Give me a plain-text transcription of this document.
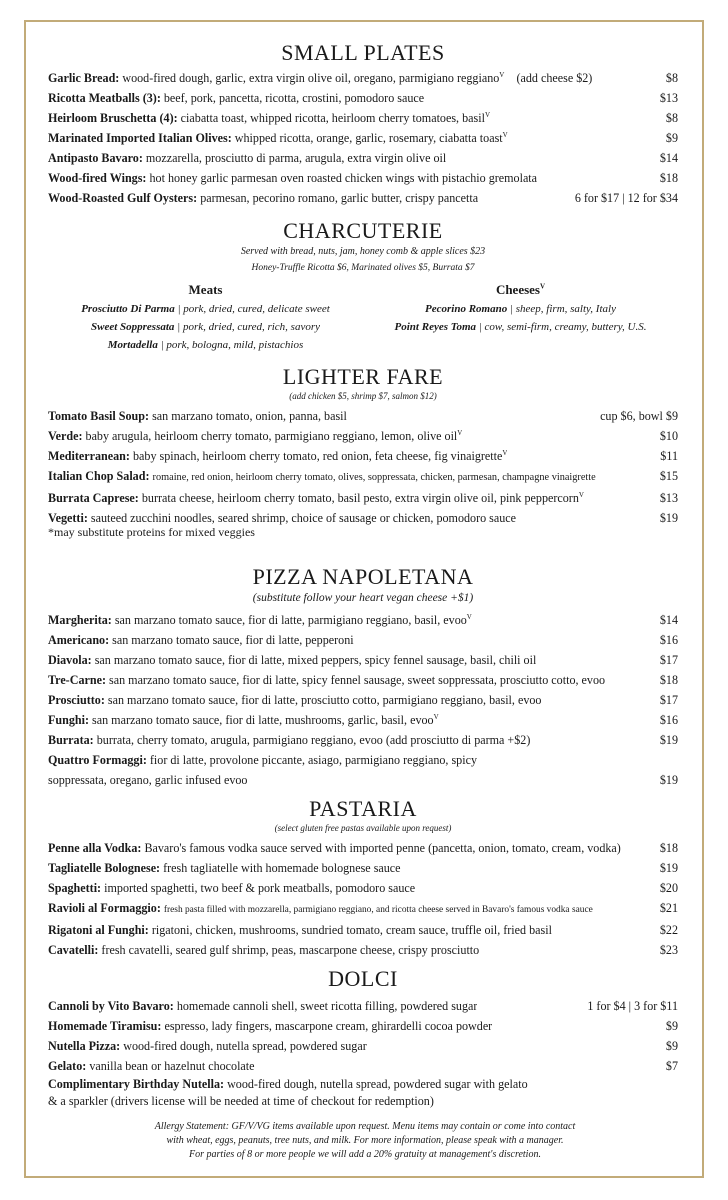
SMALL PLATES
Garlic Bread: wood-fired dough, garlic, extra virgin olive oil, oregano, parmigiano reggiano$^V$ (add cheese $2)	$8
Ricotta Meatballs (3): beef, pork, pancetta, ricotta, crostini, pomodoro sauce	$13
Heirloom Bruschetta (4): ciabatta toast, whipped ricotta, heirloom cherry tomatoes, basil$^V$	$8
Marinated Imported Italian Olives: whipped ricotta, orange, garlic, rosemary, ciabatta toast$^V$	$9
Antipasto Bavaro: mozzarella, prosciutto di parma, arugula, extra virgin olive oil	$14
Wood-fired Wings: hot honey garlic parmesan oven roasted chicken wings with pistachio gremolata	$18
Wood-Roasted Gulf Oysters: parmesan, pecorino romano, garlic butter, crispy pancetta	6 for $17 | 12 for $34
CHARCUTERIE
Served with bread, nuts, jam, honey comb & apple slices $23
Honey-Truffle Ricotta $6, Marinated olives $5, Burrata $7
Meats
Prosciutto Di Parma | pork, dried, cured, delicate sweet
Sweet Soppressata | pork, dried, cured, rich, savory
Mortadella | pork, bologna, mild, pistachios
Cheeses$^V$
Pecorino Romano | sheep, firm, salty, Italy
Point Reyes Toma | cow, semi-firm, creamy, buttery, U.S.
LIGHTER FARE
(add chicken $5, shrimp $7, salmon $12)
Tomato Basil Soup: san marzano tomato, onion, panna, basil	cup $6, bowl $9
Verde: baby arugula, heirloom cherry tomato, parmigiano reggiano, lemon, olive oil$^V$	$10
Mediterranean: baby spinach, heirloom cherry tomato, red onion, feta cheese, fig vinaigrette$^V$	$11
Italian Chop Salad: romaine, red onion, heirloom cherry tomato, olives, soppressata, chicken, parmesan, champagne vinaigrette	$15
Burrata Caprese: burrata cheese, heirloom cherry tomato, basil pesto, extra virgin olive oil, pink peppercorn$^V$	$13
Vegetti: sauteed zucchini noodles, seared shrimp, choice of sausage or chicken, pomodoro sauce	$19
*may substitute proteins for mixed veggies
PIZZA NAPOLETANA
(substitute follow your heart vegan cheese +$1)
Margherita: san marzano tomato sauce, fior di latte, parmigiano reggiano, basil, evoo$^V$	$14
Americano: san marzano tomato sauce, fior di latte, pepperoni	$16
Diavola: san marzano tomato sauce, fior di latte, mixed peppers, spicy fennel sausage, basil, chili oil	$17
Tre-Carne: san marzano tomato sauce, fior di latte, spicy fennel sausage, sweet soppressata, prosciutto cotto, evoo	$18
Prosciutto: san marzano tomato sauce, fior di latte, prosciutto cotto, parmigiano reggiano, basil, evoo	$17
Funghi: san marzano tomato sauce, fior di latte, mushrooms, garlic, basil, evoo$^V$	$16
Burrata: burrata, cherry tomato, arugula, parmigiano reggiano, evoo (add prosciutto di parma +$2)	$19
Quattro Formaggi: fior di latte, provolone piccante, asiago, parmigiano reggiano, spicy
soppressata, oregano, garlic infused evoo	$19
PASTARIA
(select gluten free pastas available upon request)
Penne alla Vodka: Bavaro's famous vodka sauce served with imported penne (pancetta, onion, tomato, cream, vodka)	$18
Tagliatelle Bolognese: fresh tagliatelle with homemade bolognese sauce	$19
Spaghetti: imported spaghetti, two beef & pork meatballs, pomodoro sauce	$20
Ravioli al Formaggio: fresh pasta filled with mozzarella, parmigiano reggiano, and ricotta cheese served in Bavaro's famous vodka sauce	$21
Rigatoni al Funghi: rigatoni, chicken, mushrooms, sundried tomato, cream sauce, truffle oil, fried basil	$22
Cavatelli: fresh cavatelli, seared gulf shrimp, peas, mascarpone cheese, crispy prosciutto	$23
DOLCI
Cannoli by Vito Bavaro: homemade cannoli shell, sweet ricotta filling, powdered sugar	1 for $4 | 3 for $11
Homemade Tiramisu: espresso, lady fingers, mascarpone cream, ghirardelli cocoa powder	$9
Nutella Pizza: wood-fired dough, nutella spread, powdered sugar	$9
Gelato: vanilla bean or hazelnut chocolate	$7
Complimentary Birthday Nutella: wood-fired dough, nutella spread, powdered sugar with gelato
& a sparkler (drivers license will be needed at time of checkout for redemption)
Allergy Statement: GF/V/VG items available upon request. Menu items may contain or come into contact
with wheat, eggs, peanuts, tree nuts, and milk. For more information, please speak with a manager.
For parties of 8 or more people we will add a 20% gratuity at management's discretion.
